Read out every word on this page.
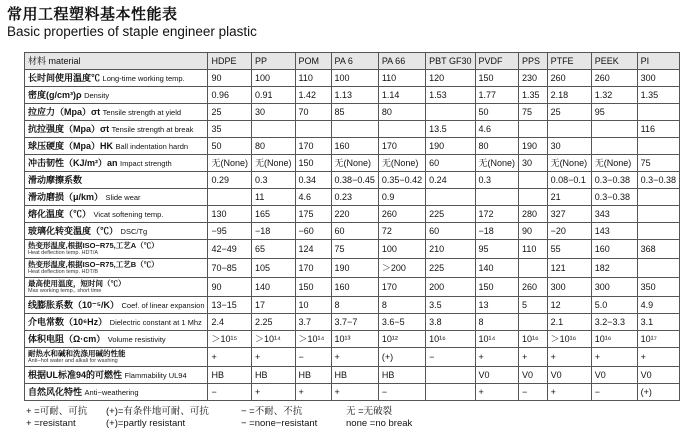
常用工程塑料基本性能表
Basic properties of staple engineer plastic
材料 material	HDPE	PP	POM	PA 6	PA 66	PBT GF30	PVDF	PPS	PTFE	PEEK	PI
长时间使用温度℃ Long-time working temp.	90	100	110	100	110	120	150	230	260	260	300
密度(g/cm³)ρ Density	0.96	0.91	1.42	1.13	1.14	1.53	1.77	1.35	2.18	1.32	1.35
拉应力（Mpa）σt Tensile strength at yield	25	30	70	85	80		50	75	25	95	
抗拉强度（Mpa）σt Tensile strength at break	35					13.5	4.6				116
球压硬度（Mpa）HK Ball indentation hardn	50	80	170	160	170	190	80	190	30		
冲击韧性（KJ/m²）an Impact strength	无(None)	无(None)	150	无(None)	无(None)	60	无(None)	30	无(None)	无(None)	75
滑动摩擦系数	0.29	0.3	0.34	0.38−0.45	0.35−0.42	0.24	0.3		0.08−0.1	0.3−0.38	0.3−0.38
滑动磨损（μ/km） Slide wear		11	4.6	0.23	0.9				21	0.3−0.38	
熔化温度（℃） Vicat softening temp.	130	165	175	220	260	225	172	280	327	343	
玻璃化转变温度（℃） DSC/Tg	−95	−18	−60	60	72	60	−18	90	−20	143	

热变形温度,根据ISO−R75,工艺A（℃）
Heat deflection temp. HDT/A	42−49	65	124	75	100	210	95	110	55	160	368

热变形温度,根据ISO−R75,工艺B（℃）
Heat deflection temp. HDT/B	70−85	105	170	190	＞200	225	140		121	182	

最高使用温度，短时间（℃）
Max working temp., short time	90	140	150	160	170	200	150	260	300	300	350
线膨胀系数（10⁻⁵/K） Coef. of linear expansion	13−15	17	10	8	8	3.5	13	5	12	5.0	4.9
介电常数（10⁶Hz） Dielectric constant at 1 Mhz	2.4	2.25	3.7	3.7−7	3.6−5	3.8	8		2.1	3.2−3.3	3.1
体积电阻（Ω·cm） Volume resistivity	＞10¹⁵	＞10¹⁴	＞10¹⁴	10¹³	10¹²	10¹⁶	10¹⁴	10¹⁶	＞10¹⁶	10¹⁶	10¹⁷

耐热水和碱和洗涤用碱的性能
Anti−hot water and alkali for washing	+	+	−	+	(+)	−	+	+	+	+	+
根据UL标准94的可燃性 Flammability UL94	HB	HB	HB	HB	HB		V0	V0	V0	V0	V0
自然风化特性 Anti−weathering	−	+	+	+	−		+	−	+	−	(+)
+ =可耐、可抗 (+)=有条件地可耐、可抗	− =不耐、不抗	无 =无破裂
+ =resistant	(+)=partly resistant	− =none−resistant	none =no break
